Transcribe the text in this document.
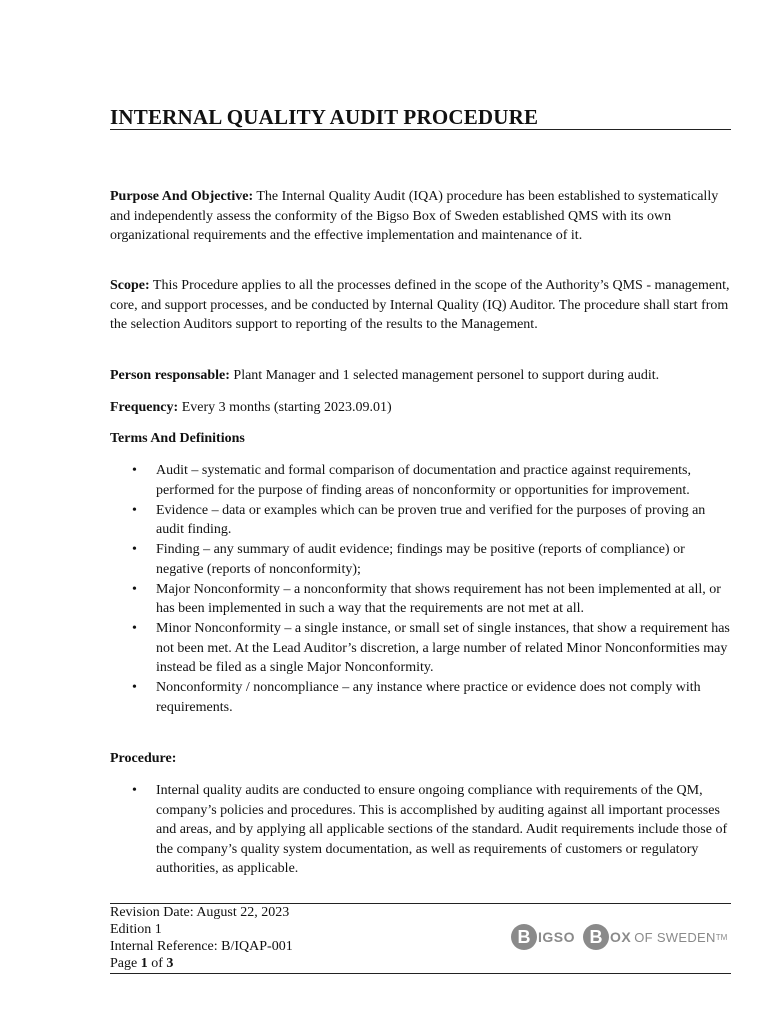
INTERNAL QUALITY AUDIT PROCEDURE

Purpose And Objective: The Internal Quality Audit (IQA) procedure has been established to systematically and independently assess the conformity of the Bigso Box of Sweden established QMS with its own organizational requirements and the effective implementation and maintenance of it.

Scope: This Procedure applies to all the processes defined in the scope of the Authority’s QMS - management, core, and support processes, and be conducted by Internal Quality (IQ) Auditor. The procedure shall start from the selection Auditors support to reporting of the results to the Management.

Person responsable: Plant Manager and 1 selected management personel to support during audit.

Frequency: Every 3 months (starting 2023.09.01)

Terms And Definitions
• Audit – systematic and formal comparison of documentation and practice against requirements, performed for the purpose of finding areas of nonconformity or opportunities for improvement.
• Evidence – data or examples which can be proven true and verified for the purposes of proving an audit finding.
• Finding – any summary of audit evidence; findings may be positive (reports of compliance) or negative (reports of nonconformity);
• Major Nonconformity – a nonconformity that shows requirement has not been implemented at all, or has been implemented in such a way that the requirements are not met at all.
• Minor Nonconformity – a single instance, or small set of single instances, that show a requirement has not been met. At the Lead Auditor’s discretion, a large number of related Minor Nonconformities may instead be filed as a single Major Nonconformity.
• Nonconformity / noncompliance – any instance where practice or evidence does not comply with requirements.
Procedure:
• Internal quality audits are conducted to ensure ongoing compliance with requirements of the QM, company’s policies and procedures. This is accomplished by auditing against all important processes and areas, and by applying all applicable sections of the standard. Audit requirements include those of the company’s quality system documentation, as well as requirements of customers or regulatory authorities, as applicable.
Revision Date: August 22, 2023
Edition 1
Internal Reference: B/IQAP-001
Page 1 of 3
B IGSO B OX OF SWEDEN TM
